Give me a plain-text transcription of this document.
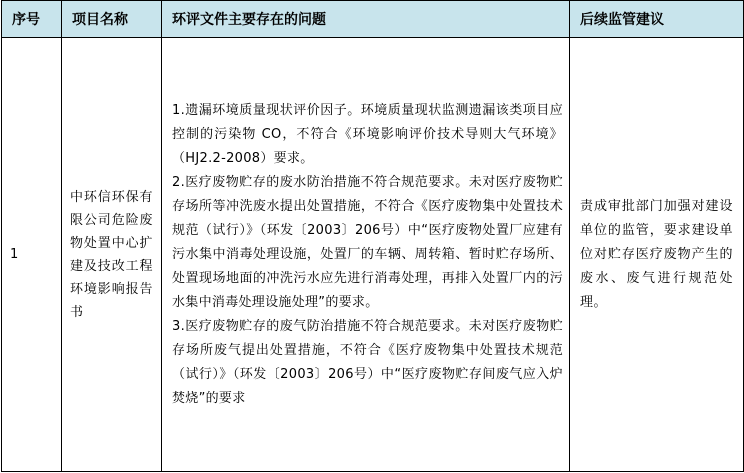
序号	项目名称	环评文件主要存在的问题	后续监管建议
1	中环信环保有限公司危险废物处置中心扩建及技改工程环境影响报告书	1.遗漏环境质量现状评价因子。环境质量现状监测遗漏该类项目应控制的污染物 CO，不符合《环境影响评价技术导则大气环境》（HJ2.2-2008）要求。

2.医疗废物贮存的废水防治措施不符合规范要求。未对医疗废物贮存场所等冲洗废水提出处置措施，不符合《医疗废物集中处置技术规范（试行）》（环发〔2003〕206号）中“医疗废物处置厂应建有污水集中消毒处理设施，处置厂的车辆、周转箱、暂时贮存场所、处置现场地面的冲洗污水应先进行消毒处理，再排入处置厂内的污水集中消毒处理设施处理”的要求。

3.医疗废物贮存的废气防治措施不符合规范要求。未对医疗废物贮存场所废气提出处置措施，不符合《医疗废物集中处置技术规范（试行）》（环发〔2003〕206号）中“医疗废物贮存间废气应入炉焚烧”的要求	责成审批部门加强对建设单位的监管，要求建设单位对贮存医疗废物产生的废水、废气进行规范处理。
